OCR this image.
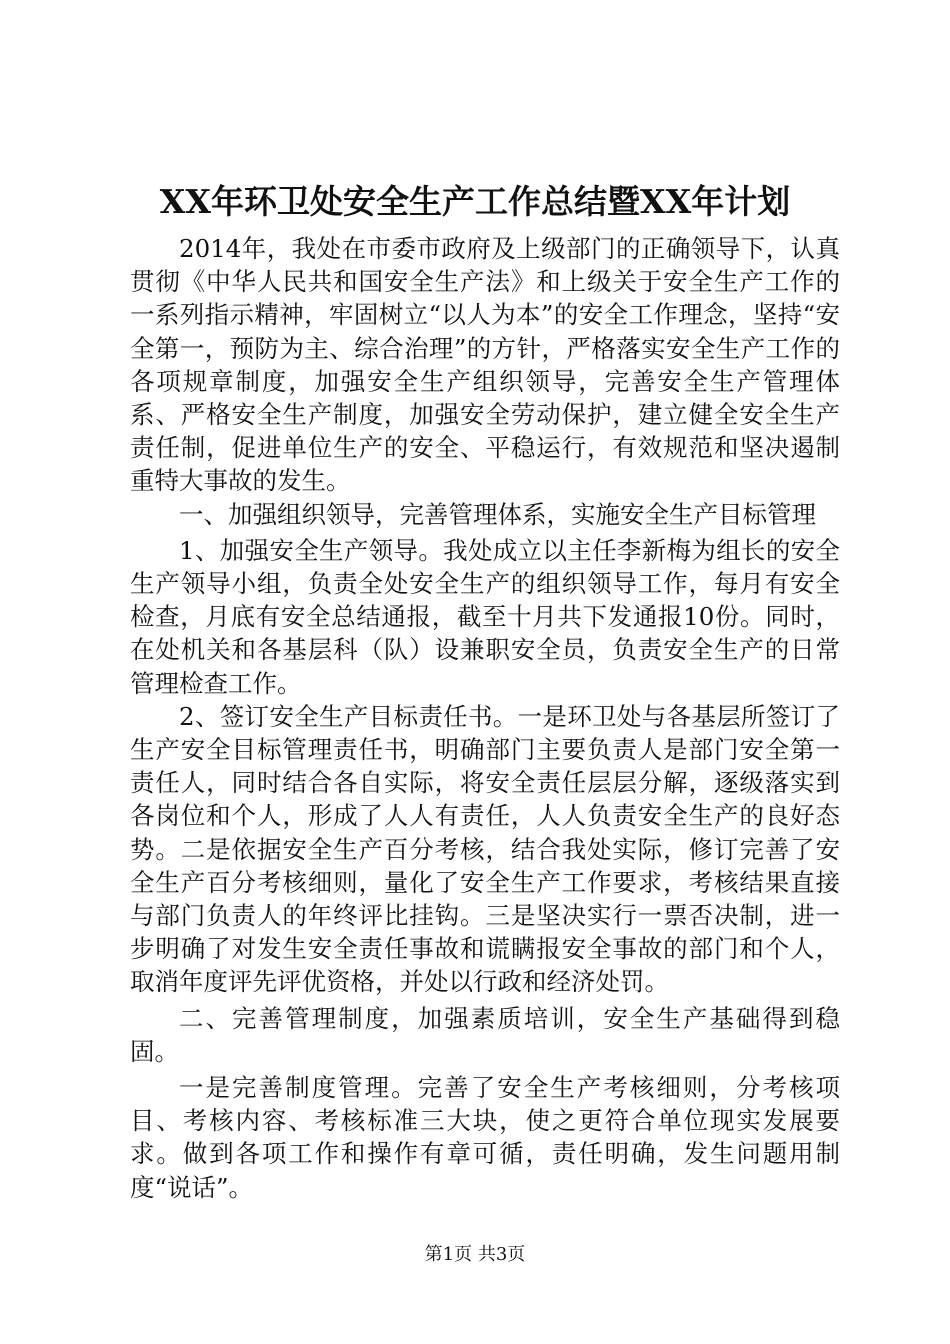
XX年环卫处安全生产工作总结暨XX年计划

2014年，我处在市委市政府及上级部门的正确领导下，认真贯彻《中华人民共和国安全生产法》和上级关于安全生产工作的一系列指示精神，牢固树立“以人为本”的安全工作理念，坚持“安全第一，预防为主、综合治理”的方针，严格落实安全生产工作的各项规章制度，加强安全生产组织领导，完善安全生产管理体系、严格安全生产制度，加强安全劳动保护，建立健全安全生产责任制，促进单位生产的安全、平稳运行，有效规范和坚决遏制重特大事故的发生。

一、加强组织领导，完善管理体系，实施安全生产目标管理

1、加强安全生产领导。我处成立以主任李新梅为组长的安全生产领导小组，负责全处安全生产的组织领导工作，每月有安全检查，月底有安全总结通报，截至十月共下发通报10份。同时，在处机关和各基层科（队）设兼职安全员，负责安全生产的日常管理检查工作。

2、签订安全生产目标责任书。一是环卫处与各基层所签订了生产安全目标管理责任书，明确部门主要负责人是部门安全第一责任人，同时结合各自实际，将安全责任层层分解，逐级落实到各岗位和个人，形成了人人有责任，人人负责安全生产的良好态势。二是依据安全生产百分考核，结合我处实际，修订完善了安全生产百分考核细则，量化了安全生产工作要求，考核结果直接与部门负责人的年终评比挂钩。三是坚决实行一票否决制，进一步明确了对发生安全责任事故和谎瞒报安全事故的部门和个人，取消年度评先评优资格，并处以行政和经济处罚。

二、完善管理制度，加强素质培训，安全生产基础得到稳固。

一是完善制度管理。完善了安全生产考核细则，分考核项目、考核内容、考核标准三大块，使之更符合单位现实发展要求。做到各项工作和操作有章可循，责任明确，发生问题用制度“说话”。

第1页 共3页
